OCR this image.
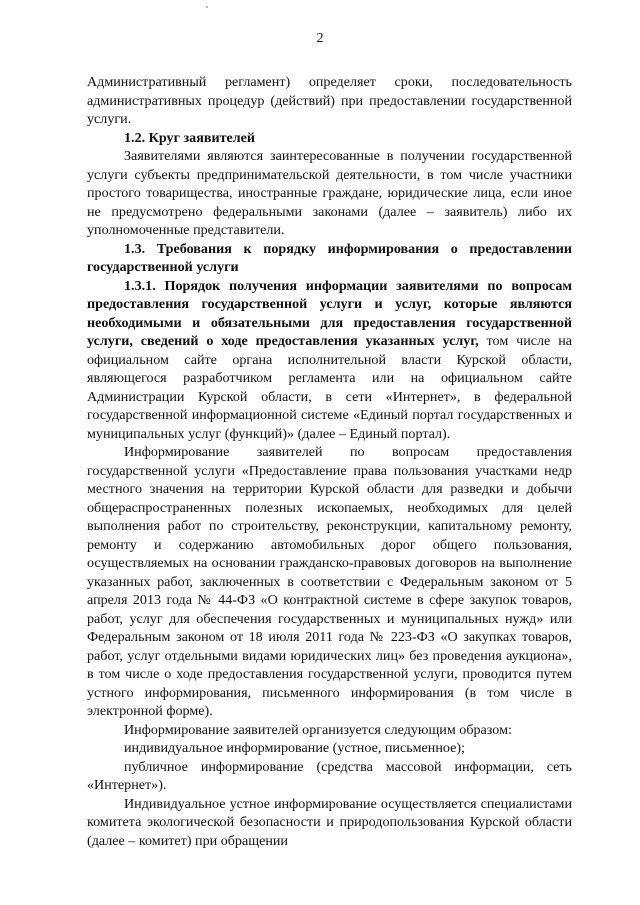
2

Административный регламент) определяет сроки, последовательность административных процедур (действий) при предоставлении государственной услуги.

1.2. Круг заявителей

Заявителями являются заинтересованные в получении государственной услуги субъекты предпринимательской деятельности, в том числе участники простого товарищества, иностранные граждане, юридические лица, если иное не предусмотрено федеральными законами (далее – заявитель) либо их уполномоченные представители.

1.3. Требования к порядку информирования о предоставлении государственной услуги

1.3.1. Порядок получения информации заявителями по вопросам предоставления государственной услуги и услуг, которые являются необходимыми и обязательными для предоставления государственной услуги, сведений о ходе предоставления указанных услуг, том числе на официальном сайте органа исполнительной власти Курской области, являющегося разработчиком регламента или на официальном сайте Администрации Курской области, в сети «Интернет», в федеральной государственной информационной системе «Единый портал государственных и муниципальных услуг (функций)» (далее – Единый портал).

Информирование заявителей по вопросам предоставления государственной услуги «Предоставление права пользования участками недр местного значения на территории Курской области для разведки и добычи общераспространенных полезных ископаемых, необходимых для целей выполнения работ по строительству, реконструкции, капитальному ремонту, ремонту и содержанию автомобильных дорог общего пользования, осуществляемых на основании гражданско-правовых договоров на выполнение указанных работ, заключенных в соответствии с Федеральным законом от 5 апреля 2013 года № 44-ФЗ «О контрактной системе в сфере закупок товаров, работ, услуг для обеспечения государственных и муниципальных нужд» или Федеральным законом от 18 июля 2011 года № 223-ФЗ «О закупках товаров, работ, услуг отдельными видами юридических лиц» без проведения аукциона», в том числе о ходе предоставления государственной услуги, проводится путем устного информирования, письменного информирования (в том числе в электронной форме).

Информирование заявителей организуется следующим образом:

индивидуальное информирование (устное, письменное);

публичное информирование (средства массовой информации, сеть «Интернет»).

Индивидуальное устное информирование осуществляется специалистами комитета экологической безопасности и природопользования Курской области (далее – комитет) при обращении
